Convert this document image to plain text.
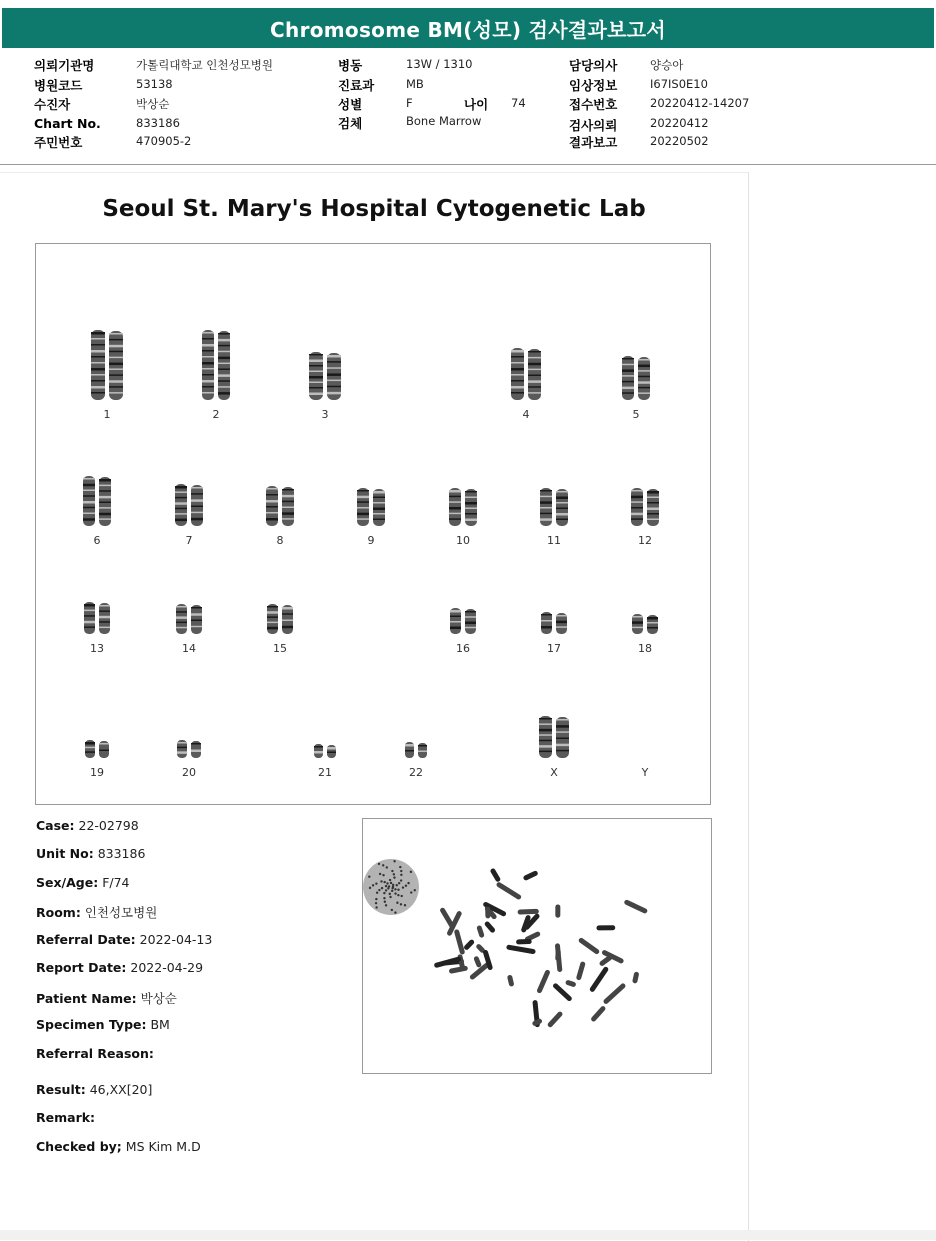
Chromosome BM(성모) 검사결과보고서
의뢰기관명	가톨릭대학교 인천성모병원
병원코드	53138
수진자	박상순
Chart No.	833186
주민번호	470905-2
병동	13W / 1310
진료과	MB
성별	F	나이 74
검체	Bone Marrow
담당의사	양승아
임상정보	I67IS0E10
접수번호	20220412-14207
검사의뢰	20220412
결과보고	20220502
Seoul St. Mary's Hospital Cytogenetic Lab
1	2	3	4	5
6	7	8	9	10	11	12
13	14	15	16	17	18
19	20	21	22	X	Y
Case: 22-02798
Unit No: 833186
Sex/Age: F/74
Room: 인천성모병원
Referral Date: 2022-04-13
Report Date: 2022-04-29
Patient Name: 박상순
Specimen Type: BM
Referral Reason:
Result: 46,XX[20]
Remark:
Checked by; MS Kim M.D
